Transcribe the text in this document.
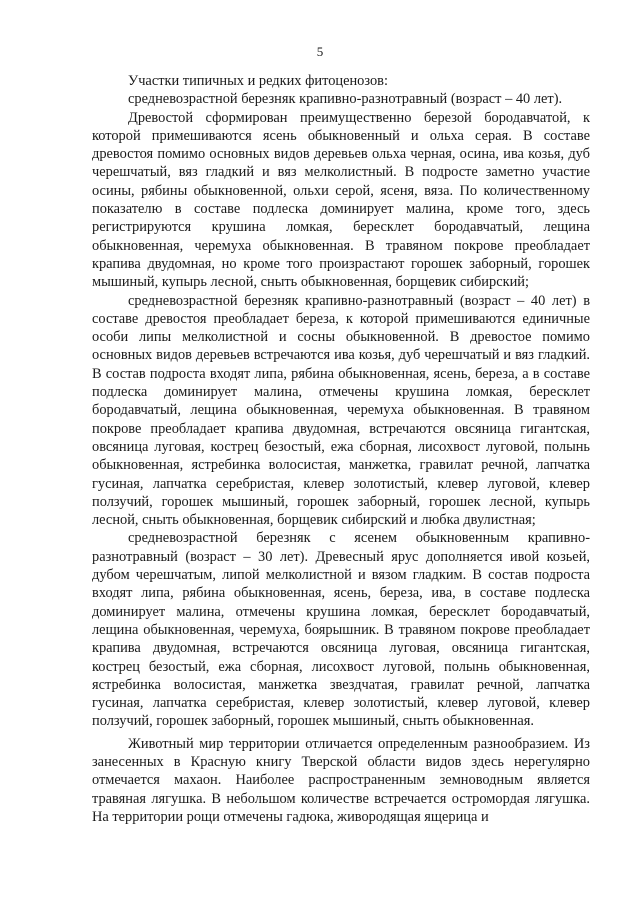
5

Участки типичных и редких фитоценозов:

средневозрастной березняк крапивно-разнотравный (возраст – 40 лет).

Древостой сформирован преимущественно березой бородавчатой, к которой примешиваются ясень обыкновенный и ольха серая. В составе древостоя помимо основных видов деревьев ольха черная, осина, ива козья, дуб черешчатый, вяз гладкий и вяз мелколистный. В подросте заметно участие осины, рябины обыкновенной, ольхи серой, ясеня, вяза. По количественному показателю в составе подлеска доминирует малина, кроме того, здесь регистрируются крушина ломкая, бересклет бородавчатый, лещина обыкновенная, черемуха обыкновенная. В травяном покрове преобладает крапива двудомная, но кроме того произрастают горошек заборный, горошек мышиный, купырь лесной, сныть обыкновенная, борщевик сибирский;

средневозрастной березняк крапивно-разнотравный (возраст – 40 лет) в составе древостоя преобладает береза, к которой примешиваются единичные особи липы мелколистной и сосны обыкновенной. В древостое помимо основных видов деревьев встречаются ива козья, дуб черешчатый и вяз гладкий. В состав подроста входят липа, рябина обыкновенная, ясень, береза, а в составе подлеска доминирует малина, отмечены крушина ломкая, бересклет бородавчатый, лещина обыкновенная, черемуха обыкновенная. В травяном покрове преобладает крапива двудомная, встречаются овсяница гигантская, овсяница луговая, кострец безостый, ежа сборная, лисохвост луговой, полынь обыкновенная, ястребинка волосистая, манжетка, гравилат речной, лапчатка гусиная, лапчатка серебристая, клевер золотистый, клевер луговой, клевер ползучий, горошек мышиный, горошек заборный, горошек лесной, купырь лесной, сныть обыкновенная, борщевик сибирский и любка двулистная;

средневозрастной березняк с ясенем обыкновенным крапивно-разнотравный (возраст – 30 лет). Древесный ярус дополняется ивой козьей, дубом черешчатым, липой мелколистной и вязом гладким. В состав подроста входят липа, рябина обыкновенная, ясень, береза, ива, в составе подлеска доминирует малина, отмечены крушина ломкая, бересклет бородавчатый, лещина обыкновенная, черемуха, боярышник. В травяном покрове преобладает крапива двудомная, встречаются овсяница луговая, овсяница гигантская, кострец безостый, ежа сборная, лисохвост луговой, полынь обыкновенная, ястребинка волосистая, манжетка звездчатая, гравилат речной, лапчатка гусиная, лапчатка серебристая, клевер золотистый, клевер луговой, клевер ползучий, горошек заборный, горошек мышиный, сныть обыкновенная.

Животный мир территории отличается определенным разнообразием. Из занесенных в Красную книгу Тверской области видов здесь нерегулярно отмечается махаон. Наиболее распространенным земноводным является травяная лягушка. В небольшом количестве встречается остромордая лягушка. На территории рощи отмечены гадюка, живородящая ящерица и
